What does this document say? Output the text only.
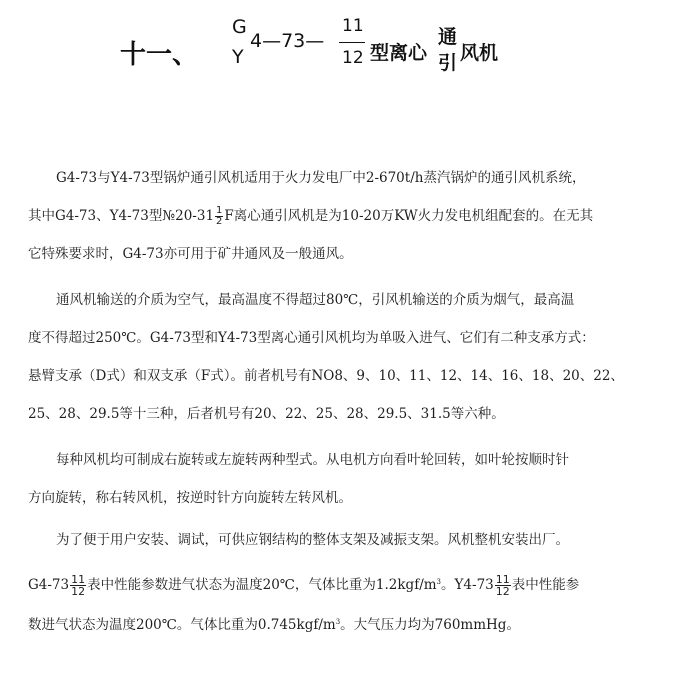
十一、
G
Y
4—73—
11
12 型离心
通
引 风机
G4-73与Y4-73型锅炉通引风机适用于火力发电厂中2-670t/h蒸汽锅炉的通引风机系统，
其中G4-73、Y4-73型№20-31 $\frac{1}{2}$ F离心通引风机是为10-20万KW火力发电机组配套的。在无其
它特殊要求时，G4-73亦可用于矿井通风及一般通风。
通风机输送的介质为空气，最高温度不得超过80℃，引风机输送的介质为烟气，最高温
度不得超过250℃。G4-73型和Y4-73型离心通引风机均为单吸入进气、它们有二种支承方式：
悬臂支承（D式）和双支承（F式）。前者机号有NO8、9、10、11、12、14、16、18、20、22、
25、28、29.5等十三种，后者机号有20、22、25、28、29.5、31.5等六种。
每种风机均可制成右旋转或左旋转两种型式。从电机方向看叶轮回转，如叶轮按顺时针
方向旋转，称右转风机，按逆时针方向旋转左转风机。
为了便于用户安装、调试，可供应钢结构的整体支架及减振支架。风机整机安装出厂。
$G4-73 \frac{11}{12}$ 表中性能参数进气状态为温度20℃，气体比重为$1.2kgf/m^3$。$Y4-73 \frac{11}{12}$ 表中性能参
数进气状态为温度200℃。气体比重为$0.745kgf/m^3$。大气压力均为760mmHg。
